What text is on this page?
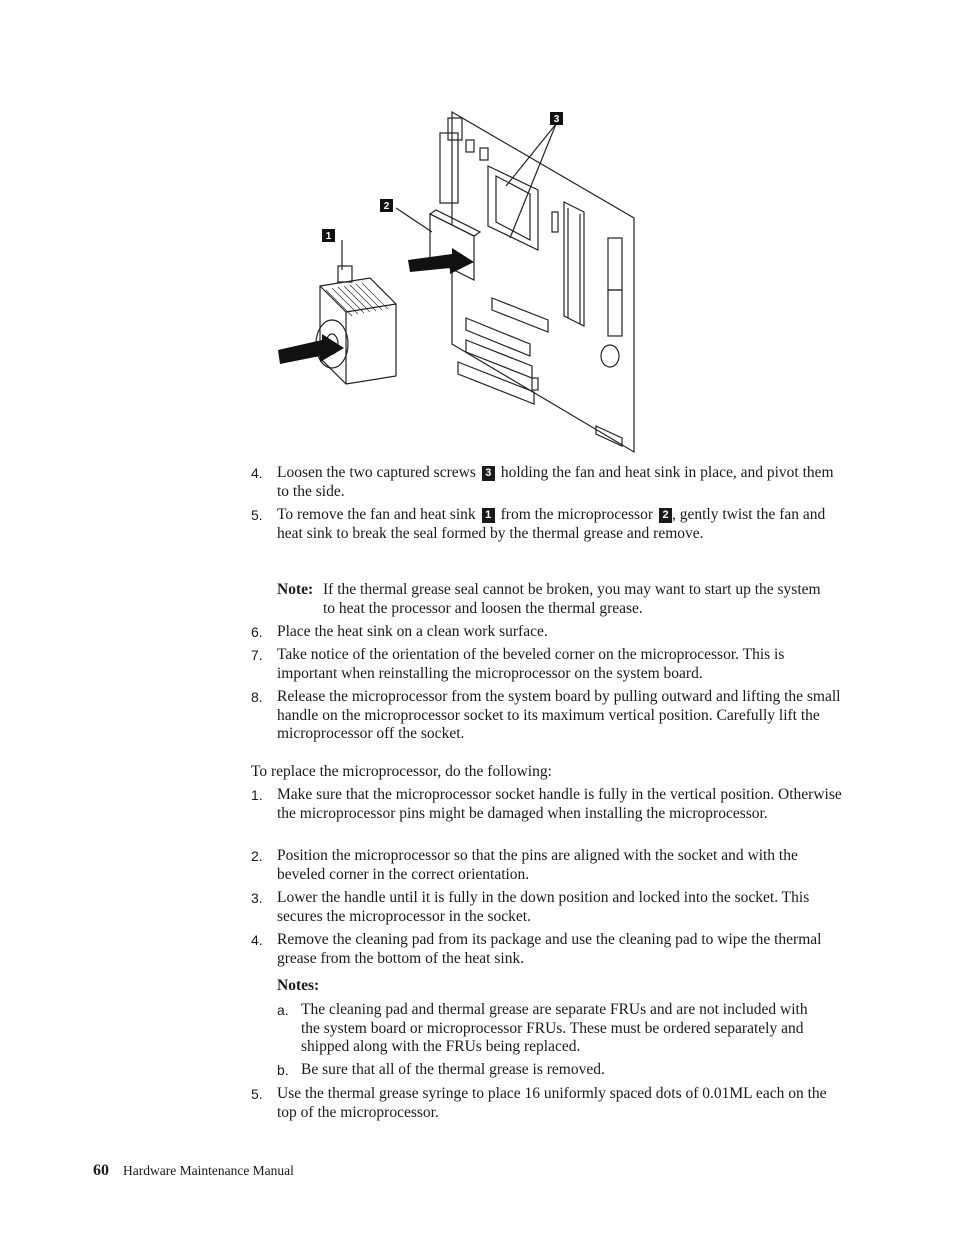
1
2
3
4. Loosen the two captured screws 3 holding the fan and heat sink in place, and pivot them to the side.
5. To remove the fan and heat sink 1 from the microprocessor 2 , gently twist the fan and heat sink to break the seal formed by the thermal grease and remove.
Note: If the thermal grease seal cannot be broken, you may want to start up the system to heat the processor and loosen the thermal grease.
6. Place the heat sink on a clean work surface.
7. Take notice of the orientation of the beveled corner on the microprocessor. This is important when reinstalling the microprocessor on the system board.
8. Release the microprocessor from the system board by pulling outward and lifting the small handle on the microprocessor socket to its maximum vertical position. Carefully lift the microprocessor off the socket.
To replace the microprocessor, do the following:
1. Make sure that the microprocessor socket handle is fully in the vertical position. Otherwise the microprocessor pins might be damaged when installing the microprocessor.
2. Position the microprocessor so that the pins are aligned with the socket and with the beveled corner in the correct orientation.
3. Lower the handle until it is fully in the down position and locked into the socket. This secures the microprocessor in the socket.
4. Remove the cleaning pad from its package and use the cleaning pad to wipe the thermal grease from the bottom of the heat sink.
Notes:
a. The cleaning pad and thermal grease are separate FRUs and are not included with the system board or microprocessor FRUs. These must be ordered separately and shipped along with the FRUs being replaced.
b. Be sure that all of the thermal grease is removed.
5. Use the thermal grease syringe to place 16 uniformly spaced dots of 0.01ML each on the top of the microprocessor.
60 Hardware Maintenance Manual
